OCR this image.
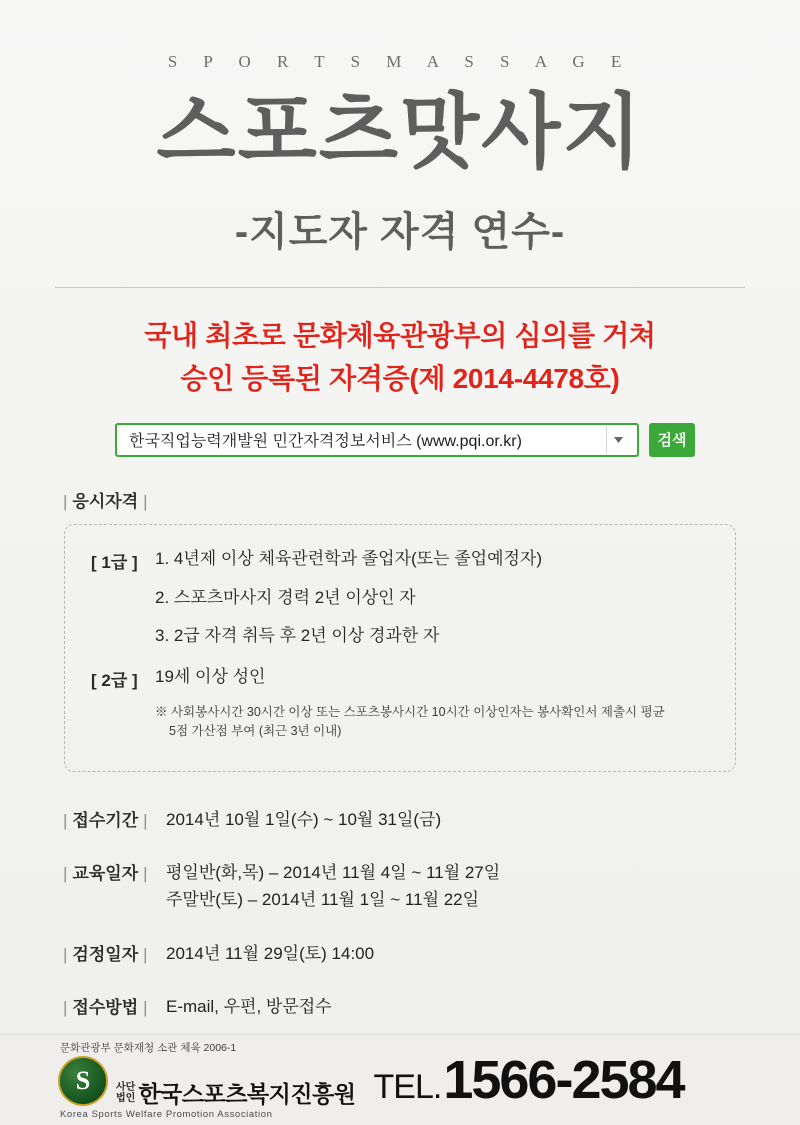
S P O R T S M A S S A G E
스포츠맛사지
-지도자 자격 연수-
국내 최초로 문화체육관광부의 심의를 거쳐
승인 등록된 자격증(제 2014-4478호)
한국직업능력개발원 민간자격정보서비스 (www.pqi.or.kr)	검색
| 응시자격 |
[ 1급 ]	1. 4년제 이상 체육관련학과 졸업자(또는 졸업예정자)
2. 스포츠마사지 경력 2년 이상인 자
3. 2급 자격 취득 후 2년 이상 경과한 자
[ 2급 ]	19세 이상 성인
※ 사회봉사시간 30시간 이상 또는 스포츠봉사시간 10시간 이상인자는 봉사확인서 제출시 평균
5점 가산점 부여 (최근 3년 이내)
| 접수기간 |	2014년 10월 1일(수) ~ 10월 31일(금)
| 교육일자 |	평일반(화,목) – 2014년 11월 4일 ~ 11월 27일
주말반(토) – 2014년 11월 1일 ~ 11월 22일
| 검정일자 |	2014년 11월 29일(토) 14:00
| 접수방법 |	E-mail, 우편, 방문접수
문화관광부 문화재청 소관 체육 2006-1
S	사단
법인 한국스포츠복지진흥원
Korea Sports Welfare Promotion Association
TEL. 1566-2584
